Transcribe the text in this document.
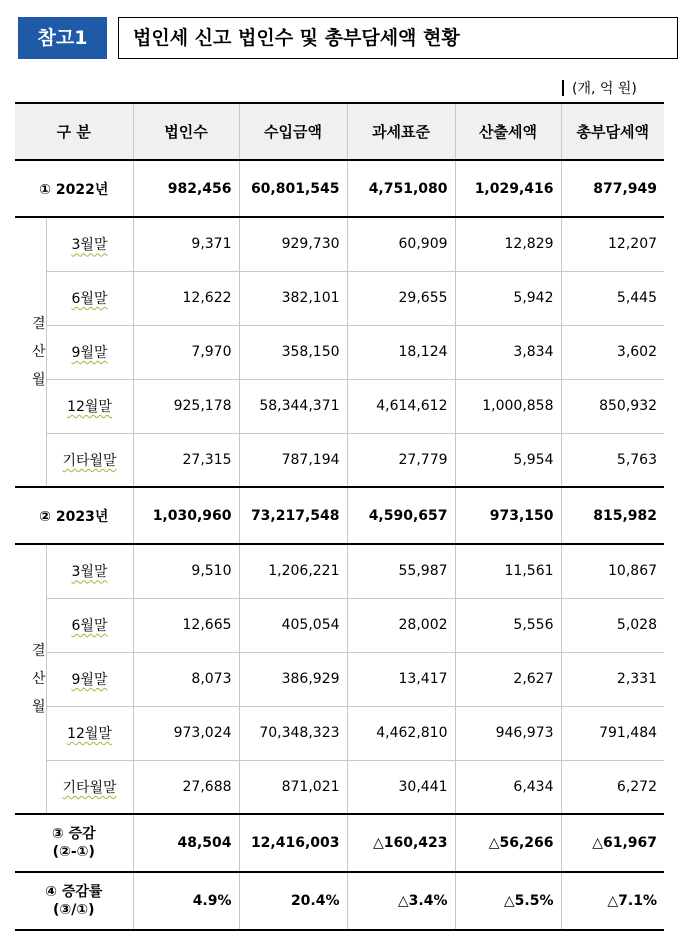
참고1	법인세 신고 법인수 및 총부담세액 현황
(개, 억 원)
구 분		법인수	수입금액	과세표준	산출세액	총부담세액
① 2022년		982,456	60,801,545	4,751,080	1,029,416	877,949

결
산
월	3월말	9,371	929,730	60,909	12,829	12,207
	6월말	12,622	382,101	29,655	5,942	5,445
	9월말	7,970	358,150	18,124	3,834	3,602
	12월말	925,178	58,344,371	4,614,612	1,000,858	850,932
	기타월말	27,315	787,194	27,779	5,954	5,763
② 2023년		1,030,960	73,217,548	4,590,657	973,150	815,982

결
산
월	3월말	9,510	1,206,221	55,987	11,561	10,867
	6월말	12,665	405,054	28,002	5,556	5,028
	9월말	8,073	386,929	13,417	2,627	2,331
	12월말	973,024	70,348,323	4,462,810	946,973	791,484
	기타월말	27,688	871,021	30,441	6,434	6,272

③ 증감
(②-①)		48,504	12,416,003	△160,423	△56,266	△61,967

④ 증감률
(③/①)		4.9%	20.4%	△3.4%	△5.5%	△7.1%
